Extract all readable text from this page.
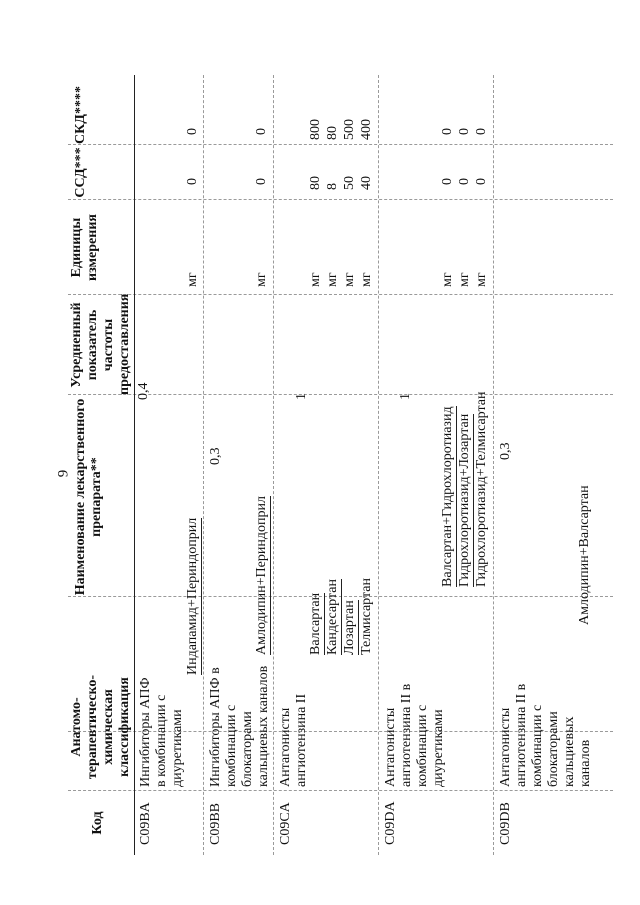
9
Код
Анатомо-терапевтическо-химическая классификация
Наименование лекарственного препарата**
Усредненный показатель частоты предоставления
Единицы измерения
ССД***
СКД****
C09BA
Ингибиторы АПФ в комбинации с диуретиками
0,4
Индапамид+Периндоприл
0,3
мг
0
0
C09BB
Ингибиторы АПФ в комбинации с блокаторами кальциевых каналов
Амлодипин+Периндоприл
1
мг
0
0
C09CA
Антагонисты ангиотензина II
Валсартан
мг
80
800
Кандесартан
мг
8
80
Лозартан
мг
50
500
Телмисартан
мг
40
400
C09DA
Антагонисты ангиотензина II в комбинации с диуретиками
1
Валсартан+Гидрохлоротиазид
мг
0
0
Гидрохлоротиазид+Лозартан
мг
0
0
Гидрохлоротиазид+Телмисартан
мг
0
0
C09DB
Антагонисты ангиотензина II в комбинации с блокаторами кальциевых каналов
0,3
Амлодипин+Валсартан
